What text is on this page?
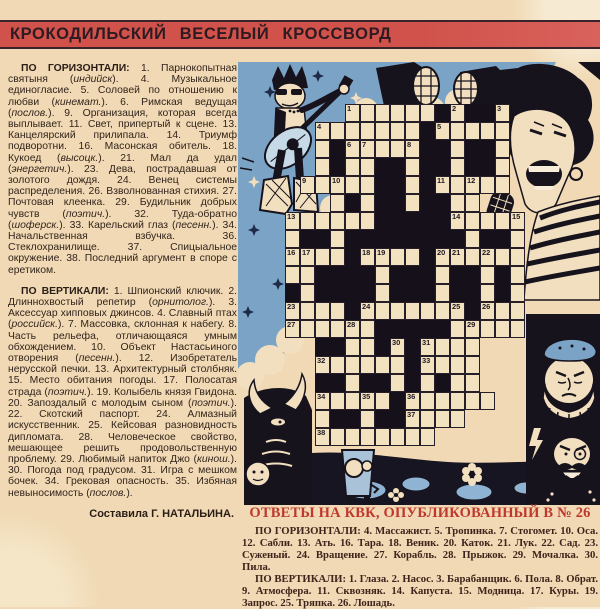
КРОКОДИЛЬСКИЙ ВЕСЕЛЫЙ КРОССВОРД

ПО ГОРИЗОНТАЛИ: 1. Парнокопытная святыня (индийск). 4. Музыкальное единогласие. 5. Соловей по отношению к любви (кинемат.). 6. Римская ведущая (послов.). 9. Организация, которая всегда выплывает. 11. Свет, припертый к сцене. 13. Канцелярский прилипала. 14. Триумф подворотни. 16. Масонская обитель. 18. Кукоед (высоцк.). 21. Мал да удал (энергетич.). 23. Дева, пострадавшая от золотого дождя. 24. Венец системы распределения. 26. Взволнованная стихия. 27. Почтовая клеенка. 29. Будильник добрых чувств (поэтич.). 32. Туда-обратно (шоферск.). 33. Карельский глаз (песенн.). 34. Начальственная взбучка. 36. Стеклохранилище. 37. Спицыальное окружение. 38. Последний аргумент в споре с еретиком.

ПО ВЕРТИКАЛИ: 1. Шпионский ключик. 2. Длиннохвостый репетир (орнитолог.). 3. Аксессуар хипповых джинсов. 4. Славный птах (российск.). 7. Массовка, склонная к набегу. 8. Часть рельефа, отличающаяся умным обхождением. 10. Объект Настасьиного отворения (песенн.). 12. Изобретатель нерусской печки. 13. Архитектурный столбняк. 15. Место обитания погоды. 17. Полосатая страда (поэтич.). 19. Колыбель князя Гвидона. 20. Запоздалый с молодым сыном (поэтич.). 22. Скотский паспорт. 24. Алмазный искусственник. 25. Кейсовая разновидность дипломата. 28. Человеческое свойство, мешающее решить продовольственную проблему. 29. Любимый напиток Джо (кинош.). 30. Погода под градусом. 31. Игра с мешком бочек. 34. Грековая опасность. 35. Избяная невыносимость (послов.).

Составила Г. НАТАЛЬИНА.

1	2	3
4	5
6 7	8
9	10	11	12
13	14	15
16 17	18 19	20 21	22
23	24	25	26
27	28	29
30	31
32	33
34	35	36
37
38
ОТВЕТЫ НА КВК, ОПУБЛИКОВАННЫЙ В № 26

ПО ГОРИЗОНТАЛИ: 4. Массажист. 5. Тропинка. 7. Стогомет. 10. Оса. 12. Сабли. 13. Ать. 16. Тара. 18. Веник. 20. Каток. 21. Лук. 22. Сад. 23. Суженый. 24. Вращение. 27. Корабль. 28. Прыжок. 29. Мочалка. 30. Пила.

ПО ВЕРТИКАЛИ: 1. Глаза. 2. Насос. 3. Барабанщик. 6. Пола. 8. Обрат. 9. Атмосфера. 11. Сквозняк. 14. Капуста. 15. Модница. 17. Куры. 19. Запрос. 25. Тряпка. 26. Лошадь.
